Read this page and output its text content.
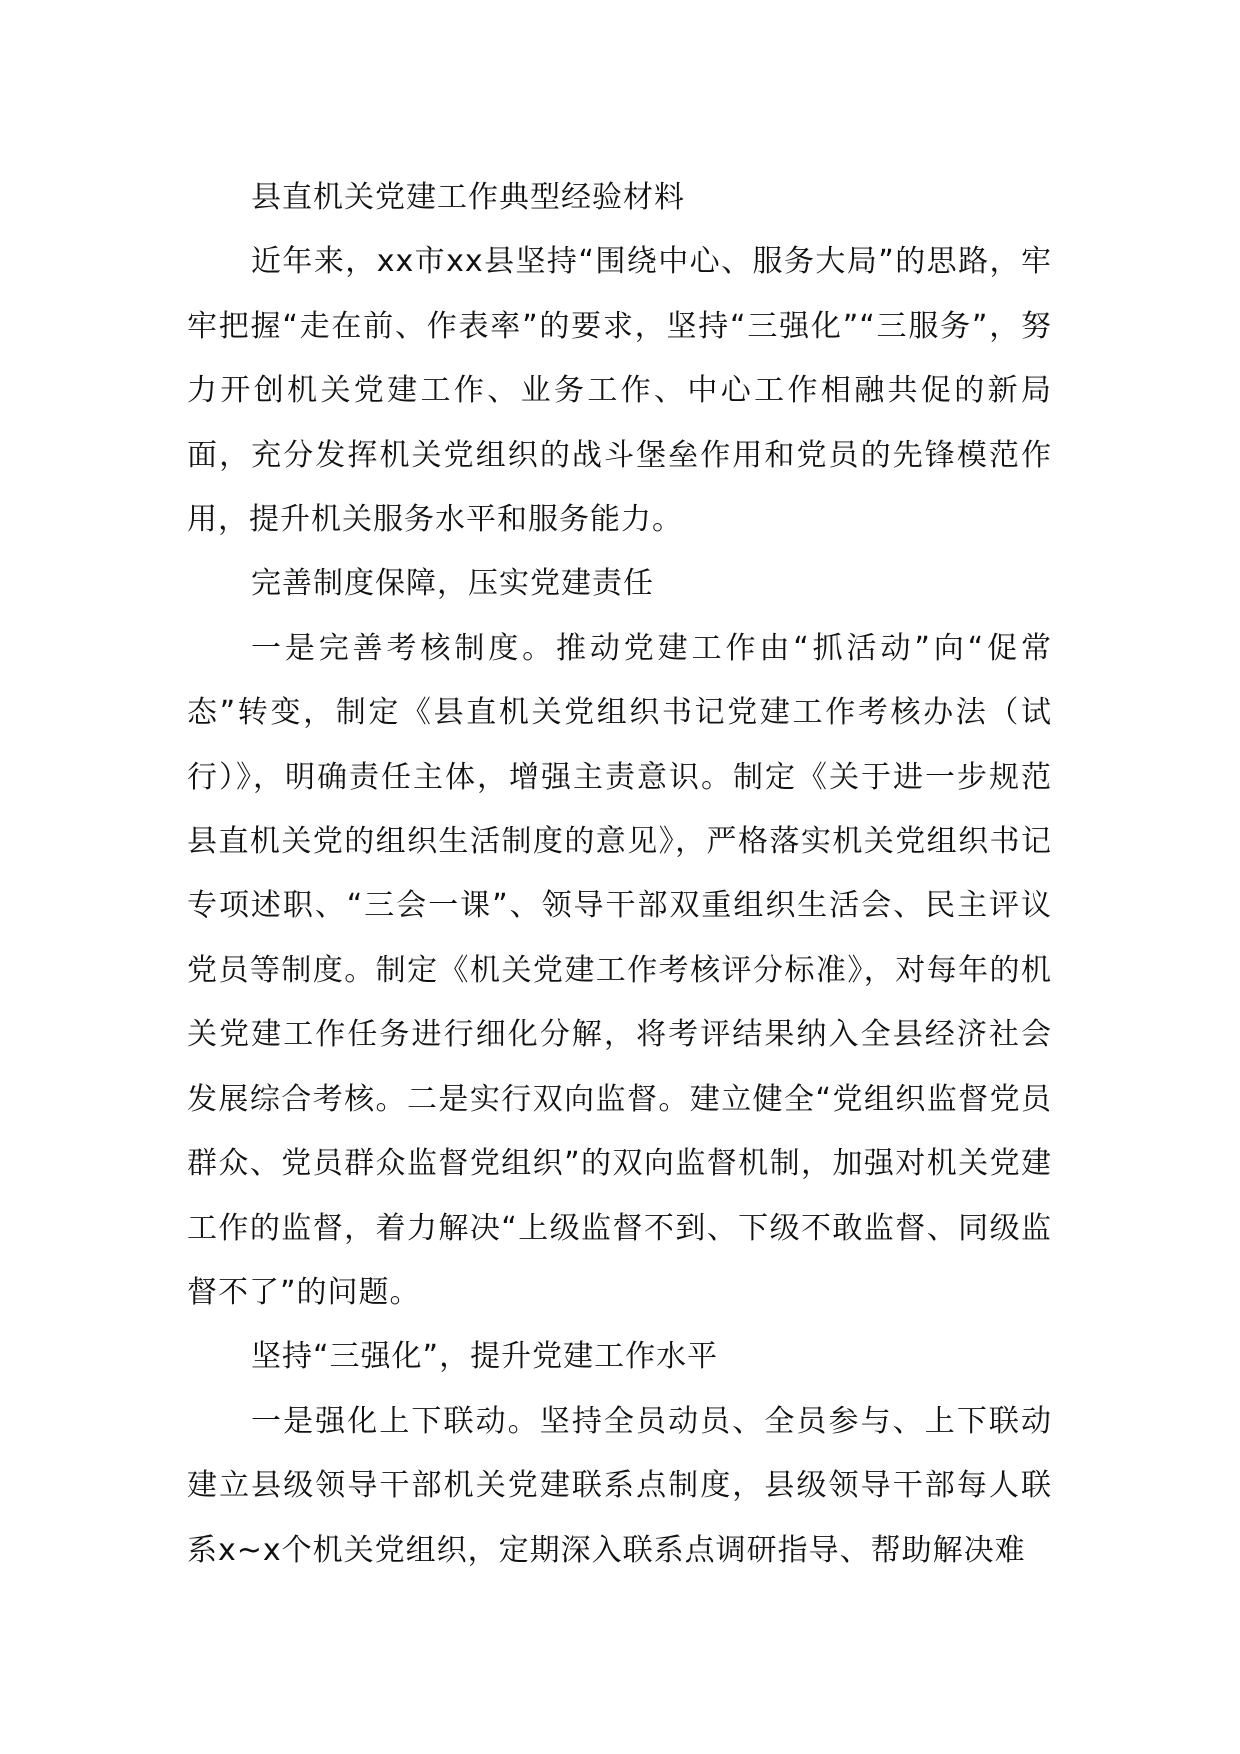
县直机关党建工作典型经验材料

近年来，xx市xx县坚持“围绕中心、服务大局”的思路，牢牢把握“走在前、作表率”的要求，坚持“三强化”“三服务”，努力开创机关党建工作、业务工作、中心工作相融共促的新局面，充分发挥机关党组织的战斗堡垒作用和党员的先锋模范作用，提升机关服务水平和服务能力。

完善制度保障，压实党建责任

一是完善考核制度。推动党建工作由“抓活动”向“促常态”转变，制定《县直机关党组织书记党建工作考核办法（试行）》，明确责任主体，增强主责意识。制定《关于进一步规范县直机关党的组织生活制度的意见》，严格落实机关党组织书记专项述职、“三会一课”、领导干部双重组织生活会、民主评议党员等制度。制定《机关党建工作考核评分标准》，对每年的机关党建工作任务进行细化分解，将考评结果纳入全县经济社会发展综合考核。二是实行双向监督。建立健全“党组织监督党员群众、党员群众监督党组织”的双向监督机制，加强对机关党建工作的监督，着力解决“上级监督不到、下级不敢监督、同级监督不了”的问题。

坚持“三强化”，提升党建工作水平

一是强化上下联动。坚持全员动员、全员参与、上下联动建立县级领导干部机关党建联系点制度，县级领导干部每人联系x~x个机关党组织，定期深入联系点调研指导、帮助解决难
